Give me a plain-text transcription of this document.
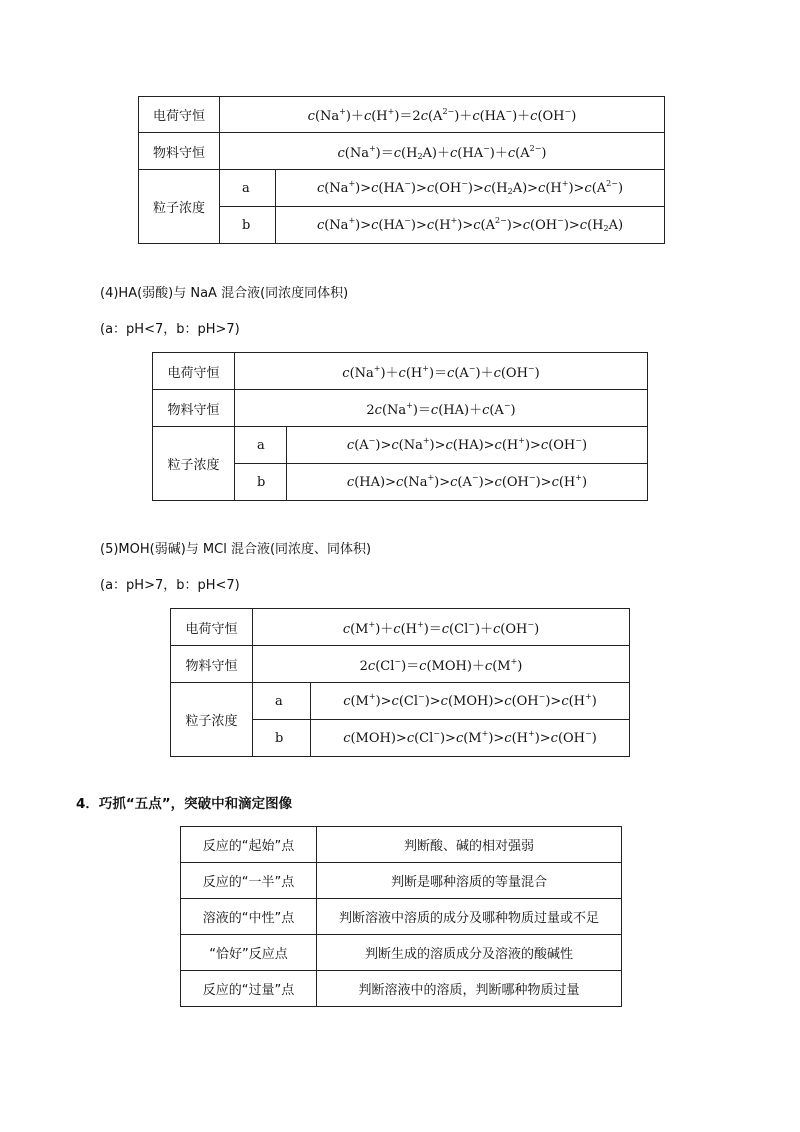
电荷守恒	$c(Na^+)+c(H^+)=2c(A^{2-})+c(HA^-)+c(OH^-)$	
物料守恒	$c(Na^+)=c(H_2A)+c(HA^-)+c(A^{2-})$	
粒子浓度	a	$c(Na^+)>c(HA^-)>c(OH^-)>c(H_2A)>c(H^+)>c(A^{2-})$
	b	$c(Na^+)>c(HA^-)>c(H^+)>c(A^{2-})>c(OH^-)>c(H_2A)$
(4)HA(弱酸)与 NaA 混合液(同浓度同体积)
(a：pH<7，b：pH>7)
电荷守恒	c(Na+)＋c(H+)＝c(A−)＋c(OH−)	
物料守恒	2c(Na+)＝c(HA)＋c(A−)	
粒子浓度	a	c(A−)>c(Na+)>c(HA)>c(H+)>c(OH−)
	b	c(HA)>c(Na+)>c(A−)>c(OH−)>c(H+)
(5)MOH(弱碱)与 MCl 混合液(同浓度、同体积)
(a：pH>7，b：pH<7)
电荷守恒	c(M+)＋c(H+)＝c(Cl−)＋c(OH−)	
物料守恒	2c(Cl−)＝c(MOH)＋c(M+)	
粒子浓度	a	c(M+)>c(Cl−)>c(MOH)>c(OH−)>c(H+)
	b	c(MOH)>c(Cl−)>c(M+)>c(H+)>c(OH−)
4．巧抓“五点”，突破中和滴定图像
反应的“起始”点	判断酸、碱的相对强弱
反应的“一半”点	判断是哪种溶质的等量混合
溶液的“中性”点	判断溶液中溶质的成分及哪种物质过量或不足
“恰好”反应点	判断生成的溶质成分及溶液的酸碱性
反应的“过量”点	判断溶液中的溶质，判断哪种物质过量
